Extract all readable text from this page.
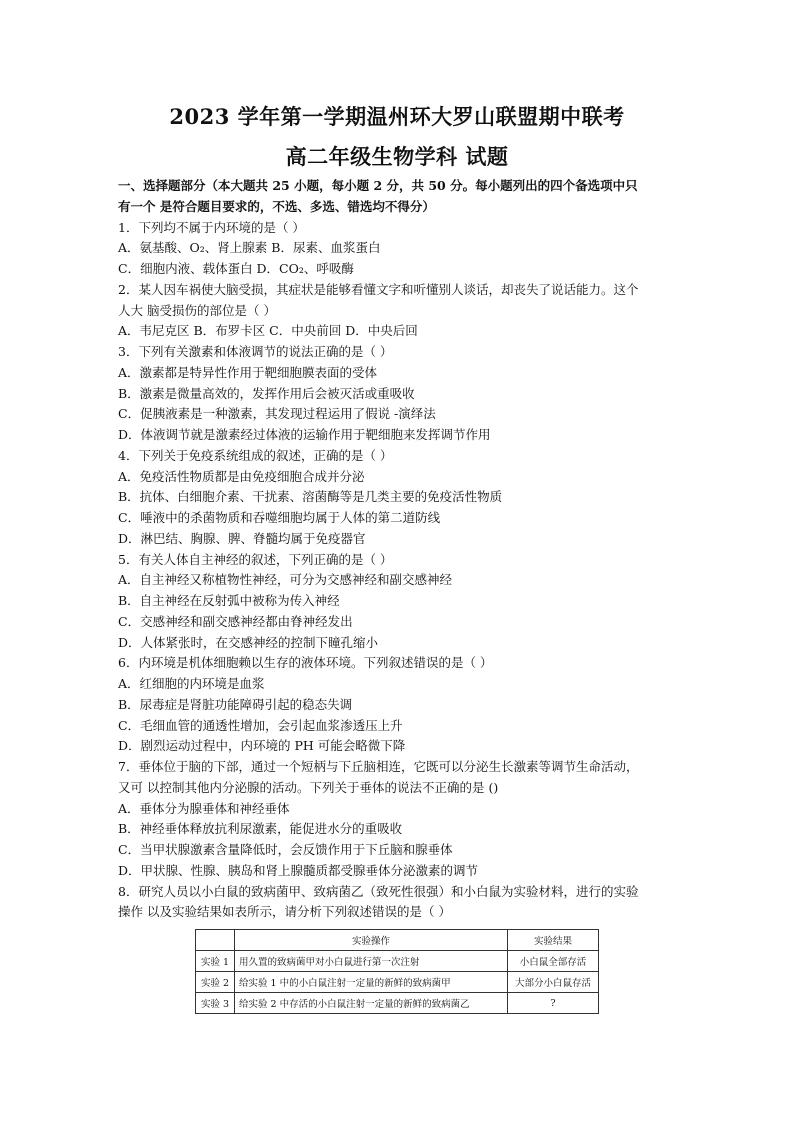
2023 学年第一学期温州环大罗山联盟期中联考
高二年级生物学科 试题
一、选择题部分（本大题共 25 小题，每小题 2 分，共 50 分。每小题列出的四个备选项中只
有一个 是符合题目要求的，不选、多选、错选均不得分）
1．下列均不属于内环境的是（ ）
A．氨基酸、O₂、肾上腺素 B．尿素、血浆蛋白
C．细胞内液、载体蛋白 D．CO₂、呼吸酶
2．某人因车祸使大脑受损，其症状是能够看懂文字和听懂别人谈话，却丧失了说话能力。这个
人大 脑受损伤的部位是（ ）
A．韦尼克区 B．布罗卡区 C．中央前回 D．中央后回
3．下列有关激素和体液调节的说法正确的是（ ）
A．激素都是特异性作用于靶细胞膜表面的受体
B．激素是微量高效的，发挥作用后会被灭活或重吸收
C．促胰液素是一种激素，其发现过程运用了假说 -演绎法
D．体液调节就是激素经过体液的运输作用于靶细胞来发挥调节作用
4．下列关于免疫系统组成的叙述，正确的是（ ）
A．免疫活性物质都是由免疫细胞合成并分泌
B．抗体、白细胞介素、干扰素、溶菌酶等是几类主要的免疫活性物质
C．唾液中的杀菌物质和吞噬细胞均属于人体的第二道防线
D．淋巴结、胸腺、脾、脊髓均属于免疫器官
5．有关人体自主神经的叙述，下列正确的是（ ）
A．自主神经又称植物性神经，可分为交感神经和副交感神经
B．自主神经在反射弧中被称为传入神经
C．交感神经和副交感神经都由脊神经发出
D．人体紧张时，在交感神经的控制下瞳孔缩小
6．内环境是机体细胞赖以生存的液体环境。下列叙述错误的是（ ）
A．红细胞的内环境是血浆
B．尿毒症是肾脏功能障碍引起的稳态失调
C．毛细血管的通透性增加，会引起血浆渗透压上升
D．剧烈运动过程中，内环境的 PH 可能会略微下降
7．垂体位于脑的下部，通过一个短柄与下丘脑相连，它既可以分泌生长激素等调节生命活动，
又可 以控制其他内分泌腺的活动。下列关于垂体的说法不正确的是 ()
A．垂体分为腺垂体和神经垂体
B．神经垂体释放抗利尿激素，能促进水分的重吸收
C．当甲状腺激素含量降低时，会反馈作用于下丘脑和腺垂体
D．甲状腺、性腺、胰岛和肾上腺髓质都受腺垂体分泌激素的调节
8．研究人员以小白鼠的致病菌甲、致病菌乙（致死性很强）和小白鼠为实验材料，进行的实验
操作 以及实验结果如表所示，请分析下列叙述错误的是（ ）
	实验操作	实验结果
实验 1	用久置的致病菌甲对小白鼠进行第一次注射	小白鼠全部存活
实验 2	给实验 1 中的小白鼠注射一定量的新鲜的致病菌甲	大部分小白鼠存活
实验 3	给实验 2 中存活的小白鼠注射一定量的新鲜的致病菌乙	?
